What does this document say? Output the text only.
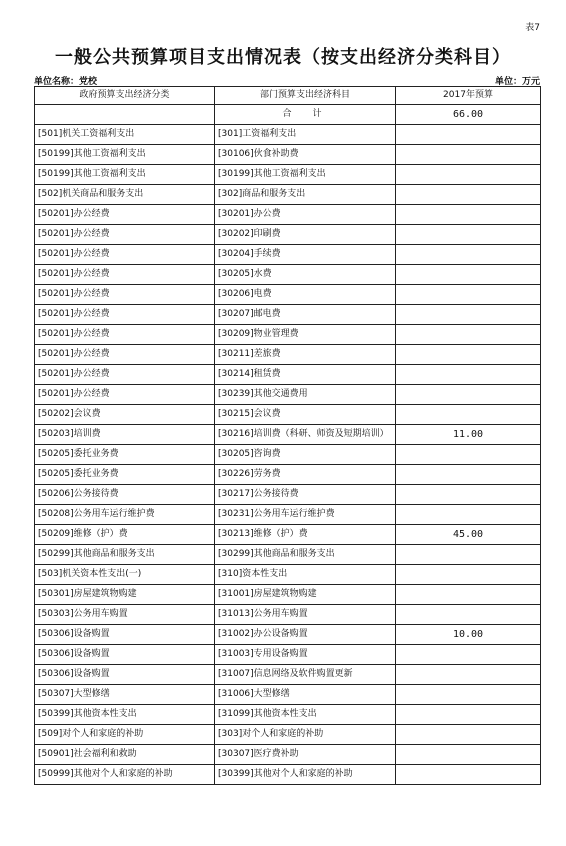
表7
一般公共预算项目支出情况表（按支出经济分类科目）
单位名称：党校	单位：万元
政府预算支出经济分类	部门预算支出经济科目	2017年预算
	合　计	66.00
[501]机关工资福利支出	[301]工资福利支出	
[50199]其他工资福利支出	[30106]伙食补助费	
[50199]其他工资福利支出	[30199]其他工资福利支出	
[502]机关商品和服务支出	[302]商品和服务支出	
[50201]办公经费	[30201]办公费	
[50201]办公经费	[30202]印刷费	
[50201]办公经费	[30204]手续费	
[50201]办公经费	[30205]水费	
[50201]办公经费	[30206]电费	
[50201]办公经费	[30207]邮电费	
[50201]办公经费	[30209]物业管理费	
[50201]办公经费	[30211]差旅费	
[50201]办公经费	[30214]租赁费	
[50201]办公经费	[30239]其他交通费用	
[50202]会议费	[30215]会议费	
[50203]培训费	[30216]培训费（科研、师资及短期培训）	11.00
[50205]委托业务费	[30205]咨询费	
[50205]委托业务费	[30226]劳务费	
[50206]公务接待费	[30217]公务接待费	
[50208]公务用车运行维护费	[30231]公务用车运行维护费	
[50209]维修（护）费	[30213]维修（护）费	45.00
[50299]其他商品和服务支出	[30299]其他商品和服务支出	
[503]机关资本性支出(一)	[310]资本性支出	
[50301]房屋建筑物购建	[31001]房屋建筑物购建	
[50303]公务用车购置	[31013]公务用车购置	
[50306]设备购置	[31002]办公设备购置	10.00
[50306]设备购置	[31003]专用设备购置	
[50306]设备购置	[31007]信息网络及软件购置更新	
[50307]大型修缮	[31006]大型修缮	
[50399]其他资本性支出	[31099]其他资本性支出	
[509]对个人和家庭的补助	[303]对个人和家庭的补助	
[50901]社会福利和救助	[30307]医疗费补助	
[50999]其他对个人和家庭的补助	[30399]其他对个人和家庭的补助	
